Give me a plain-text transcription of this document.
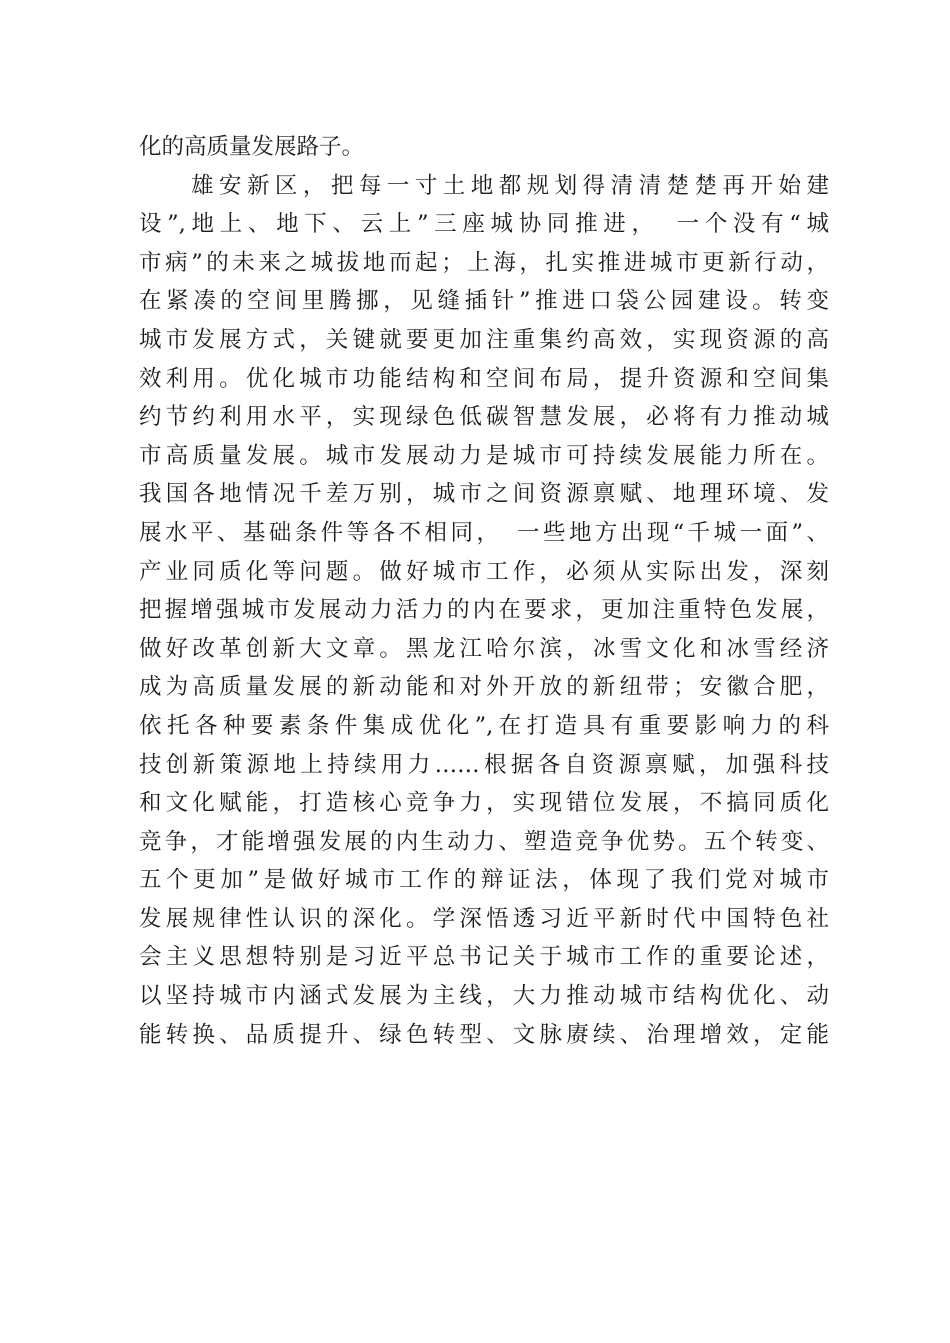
化的高质量发展路子。
雄安新区，把每一寸土地都规划得清清楚楚再开始建
设”,地上、地下、云上”三座城协同推进，　一个没有“城
市病”的未来之城拔地而起；上海，扎实推进城市更新行动，
在紧凑的空间里腾挪，见缝插针”推进口袋公园建设。转变
城市发展方式，关键就要更加注重集约高效，实现资源的高
效利用。优化城市功能结构和空间布局，提升资源和空间集
约节约利用水平，实现绿色低碳智慧发展，必将有力推动城
市高质量发展。城市发展动力是城市可持续发展能力所在。
我国各地情况千差万别，城市之间资源禀赋、地理环境、发
展水平、基础条件等各不相同，　一些地方出现“千城一面”、
产业同质化等问题。做好城市工作，必须从实际出发，深刻
把握增强城市发展动力活力的内在要求，更加注重特色发展，
做好改革创新大文章。黑龙江哈尔滨，冰雪文化和冰雪经济
成为高质量发展的新动能和对外开放的新纽带；安徽合肥，
依托各种要素条件集成优化”,在打造具有重要影响力的科
技创新策源地上持续用力……根据各自资源禀赋，加强科技
和文化赋能，打造核心竞争力，实现错位发展，不搞同质化
竞争，才能增强发展的内生动力、塑造竞争优势。五个转变、
五个更加”是做好城市工作的辩证法，体现了我们党对城市
发展规律性认识的深化。学深悟透习近平新时代中国特色社
会主义思想特别是习近平总书记关于城市工作的重要论述，
以坚持城市内涵式发展为主线，大力推动城市结构优化、动
能转换、品质提升、绿色转型、文脉赓续、治理增效，定能
